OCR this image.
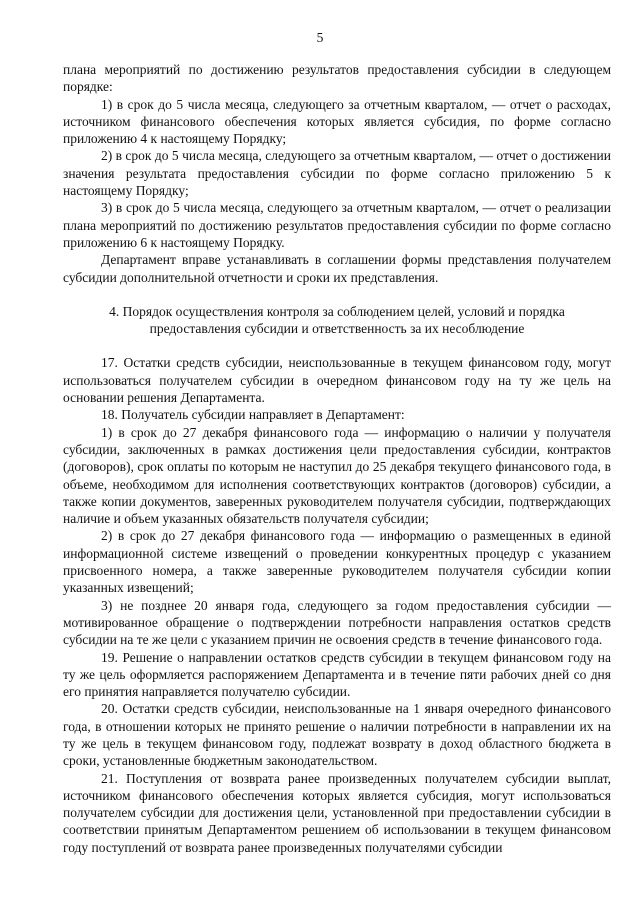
5

плана мероприятий по достижению результатов предоставления субсидии в следующем порядке:

1) в срок до 5 числа месяца, следующего за отчетным кварталом, — отчет о расходах, источником финансового обеспечения которых является субсидия, по форме согласно приложению 4 к настоящему Порядку;

2) в срок до 5 числа месяца, следующего за отчетным кварталом, — отчет о достижении значения результата предоставления субсидии по форме согласно приложению 5 к настоящему Порядку;

3) в срок до 5 числа месяца, следующего за отчетным кварталом, — отчет о реализации плана мероприятий по достижению результатов предоставления субсидии по форме согласно приложению 6 к настоящему Порядку.

Департамент вправе устанавливать в соглашении формы представления получателем субсидии дополнительной отчетности и сроки их представления.

4. Порядок осуществления контроля за соблюдением целей, условий и порядка
предоставления субсидии и ответственность за их несоблюдение

17. Остатки средств субсидии, неиспользованные в текущем финансовом году, могут использоваться получателем субсидии в очередном финансовом году на ту же цель на основании решения Департамента.

18. Получатель субсидии направляет в Департамент:

1) в срок до 27 декабря финансового года — информацию о наличии у получателя субсидии, заключенных в рамках достижения цели предоставления субсидии, контрактов (договоров), срок оплаты по которым не наступил до 25 декабря текущего финансового года, в объеме, необходимом для исполнения соответствующих контрактов (договоров) субсидии, а также копии документов, заверенных руководителем получателя субсидии, подтверждающих наличие и объем указанных обязательств получателя субсидии;

2) в срок до 27 декабря финансового года — информацию о размещенных в единой информационной системе извещений о проведении конкурентных процедур с указанием присвоенного номера, а также заверенные руководителем получателя субсидии копии указанных извещений;

3) не позднее 20 января года, следующего за годом предоставления субсидии — мотивированное обращение о подтверждении потребности направления остатков средств субсидии на те же цели с указанием причин не освоения средств в течение финансового года.

19. Решение о направлении остатков средств субсидии в текущем финансовом году на ту же цель оформляется распоряжением Департамента и в течение пяти рабочих дней со дня его принятия направляется получателю субсидии.

20. Остатки средств субсидии, неиспользованные на 1 января очередного финансового года, в отношении которых не принято решение о наличии потребности в направлении их на ту же цель в текущем финансовом году, подлежат возврату в доход областного бюджета в сроки, установленные бюджетным законодательством.

21. Поступления от возврата ранее произведенных получателем субсидии выплат, источником финансового обеспечения которых является субсидия, могут использоваться получателем субсидии для достижения цели, установленной при предоставлении субсидии в соответствии принятым Департаментом решением об использовании в текущем финансовом году поступлений от возврата ранее произведенных получателями субсидии
